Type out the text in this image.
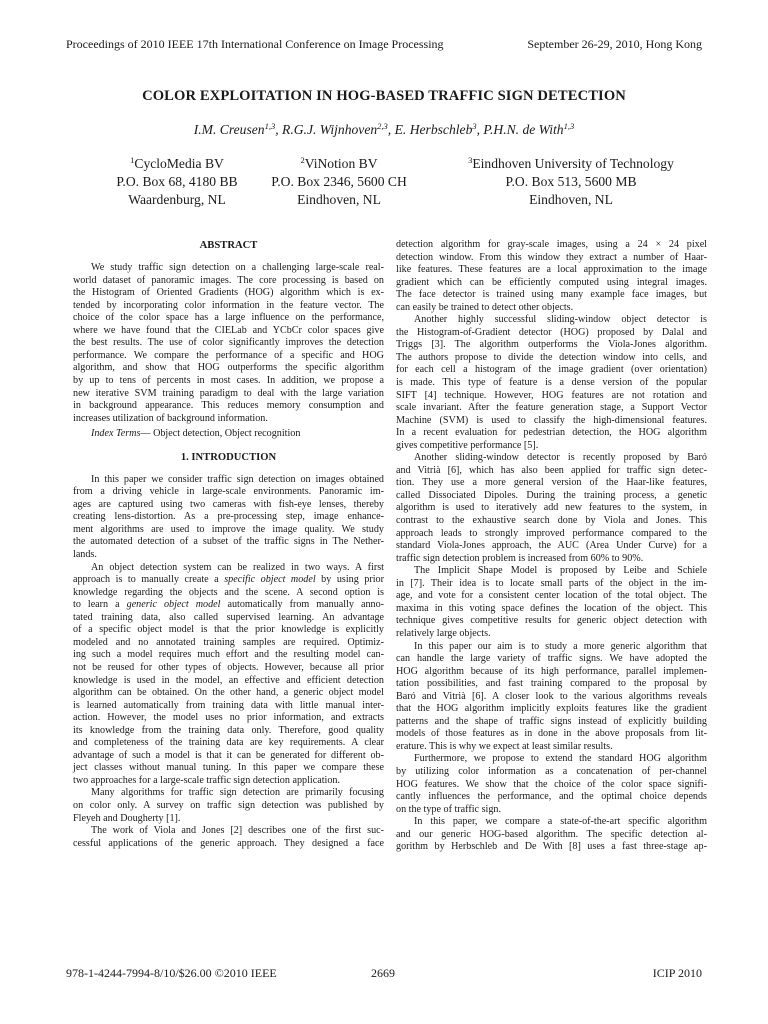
Proceedings of 2010 IEEE 17th International Conference on Image Processing	September 26-29, 2010, Hong Kong
COLOR EXPLOITATION IN HOG-BASED TRAFFIC SIGN DETECTION
I.M. Creusen$^{1,3}$, R.G.J. Wijnhoven$^{2,3}$, E. Herbschleb$^3$, P.H.N. de With$^{1,3}$
$^1$CycloMedia BV
P.O. Box 68, 4180 BB
Waardenburg, NL
$^2$ViNotion BV
P.O. Box 2346, 5600 CH
Eindhoven, NL
$^3$Eindhoven University of Technology
P.O. Box 513, 5600 MB
Eindhoven, NL
ABSTRACT
We study traffic sign detection on a challenging large-scale real-
world dataset of panoramic images. The core processing is based on
the Histogram of Oriented Gradients (HOG) algorithm which is ex-
tended by incorporating color information in the feature vector. The
choice of the color space has a large influence on the performance,
where we have found that the CIELab and YCbCr color spaces give
the best results. The use of color significantly improves the detection
performance. We compare the performance of a specific and HOG
algorithm, and show that HOG outperforms the specific algorithm
by up to tens of percents in most cases. In addition, we propose a
new iterative SVM training paradigm to deal with the large variation
in background appearance. This reduces memory consumption and
increases utilization of background information.
Index Terms— Object detection, Object recognition
1. INTRODUCTION
In this paper we consider traffic sign detection on images obtained
from a driving vehicle in large-scale environments. Panoramic im-
ages are captured using two cameras with fish-eye lenses, thereby
creating lens-distortion. As a pre-processing step, image enhance-
ment algorithms are used to improve the image quality. We study
the automated detection of a subset of the traffic signs in The Nether-
lands.
An object detection system can be realized in two ways. A first
approach is to manually create a specific object model by using prior
knowledge regarding the objects and the scene. A second option is
to learn a generic object model automatically from manually anno-
tated training data, also called supervised learning. An advantage
of a specific object model is that the prior knowledge is explicitly
modeled and no annotated training samples are required. Optimiz-
ing such a model requires much effort and the resulting model can-
not be reused for other types of objects. However, because all prior
knowledge is used in the model, an effective and efficient detection
algorithm can be obtained. On the other hand, a generic object model
is learned automatically from training data with little manual inter-
action. However, the model uses no prior information, and extracts
its knowledge from the training data only. Therefore, good quality
and completeness of the training data are key requirements. A clear
advantage of such a model is that it can be generated for different ob-
ject classes without manual tuning. In this paper we compare these
two approaches for a large-scale traffic sign detection application.
Many algorithms for traffic sign detection are primarily focusing
on color only. A survey on traffic sign detection was published by
Fleyeh and Dougherty [1].
The work of Viola and Jones [2] describes one of the first suc-
cessful applications of the generic approach. They designed a face
detection algorithm for gray-scale images, using a 24 × 24 pixel
detection window. From this window they extract a number of Haar-
like features. These features are a local approximation to the image
gradient which can be efficiently computed using integral images.
The face detector is trained using many example face images, but
can easily be trained to detect other objects.
Another highly successful sliding-window object detector is
the Histogram-of-Gradient detector (HOG) proposed by Dalal and
Triggs [3]. The algorithm outperforms the Viola-Jones algorithm.
The authors propose to divide the detection window into cells, and
for each cell a histogram of the image gradient (over orientation)
is made. This type of feature is a dense version of the popular
SIFT [4] technique. However, HOG features are not rotation and
scale invariant. After the feature generation stage, a Support Vector
Machine (SVM) is used to classify the high-dimensional features.
In a recent evaluation for pedestrian detection, the HOG algorithm
gives competitive performance [5].
Another sliding-window detector is recently proposed by Baró
and Vitrià [6], which has also been applied for traffic sign detec-
tion. They use a more general version of the Haar-like features,
called Dissociated Dipoles. During the training process, a genetic
algorithm is used to iteratively add new features to the system, in
contrast to the exhaustive search done by Viola and Jones. This
approach leads to strongly improved performance compared to the
standard Viola-Jones approach, the AUC (Area Under Curve) for a
traffic sign detection problem is increased from 60% to 90%.
The Implicit Shape Model is proposed by Leibe and Schiele
in [7]. Their idea is to locate small parts of the object in the im-
age, and vote for a consistent center location of the total object. The
maxima in this voting space defines the location of the object. This
technique gives competitive results for generic object detection with
relatively large objects.
In this paper our aim is to study a more generic algorithm that
can handle the large variety of traffic signs. We have adopted the
HOG algorithm because of its high performance, parallel implemen-
tation possibilities, and fast training compared to the proposal by
Baró and Vitrià [6]. A closer look to the various algorithms reveals
that the HOG algorithm implicitly exploits features like the gradient
patterns and the shape of traffic signs instead of explicitly building
models of those features as in done in the above proposals from lit-
erature. This is why we expect at least similar results.
Furthermore, we propose to extend the standard HOG algorithm
by utilizing color information as a concatenation of per-channel
HOG features. We show that the choice of the color space signifi-
cantly influences the performance, and the optimal choice depends
on the type of traffic sign.
In this paper, we compare a state-of-the-art specific algorithm
and our generic HOG-based algorithm. The specific detection al-
gorithm by Herbschleb and De With [8] uses a fast three-stage ap-
978-1-4244-7994-8/10/$26.00 ©2010 IEEE	2669	ICIP 2010
